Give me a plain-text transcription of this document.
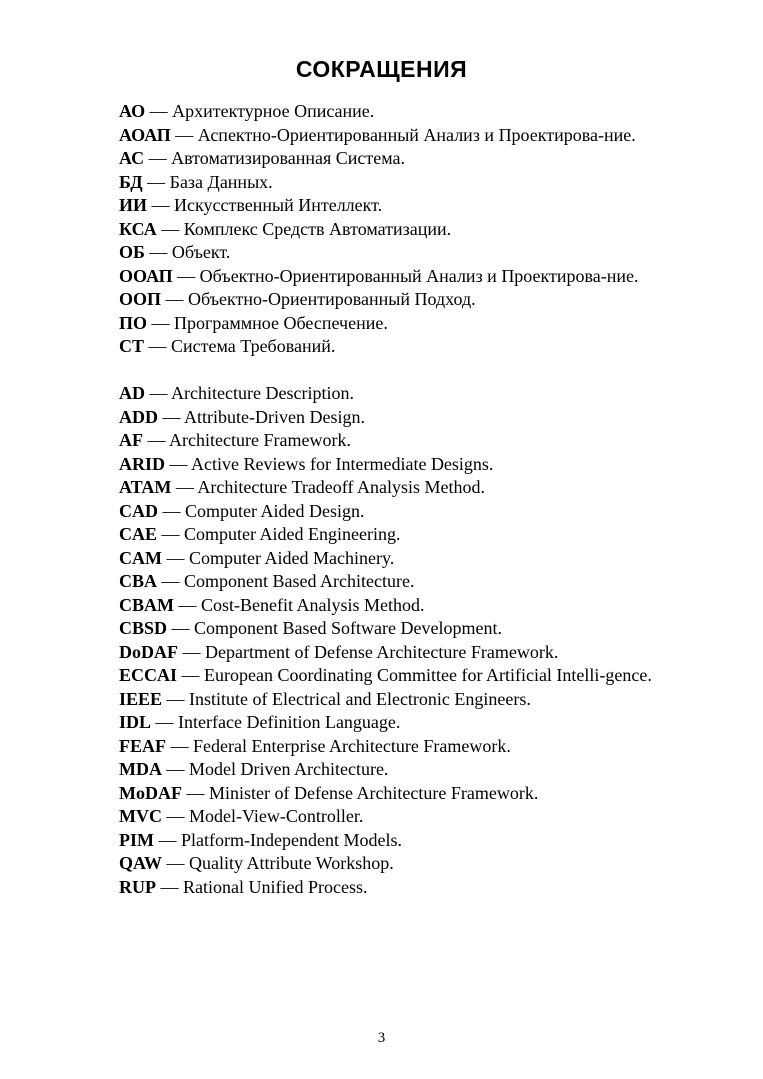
СОКРАЩЕНИЯ

АО — Архитектурное Описание.

АОАП — Аспектно-Ориентированный Анализ и Проектирова-ние.

АС — Автоматизированная Система.

БД — База Данных.

ИИ — Искусственный Интеллект.

КСА — Комплекс Средств Автоматизации.

ОБ — Объект.

ООАП — Объектно-Ориентированный Анализ и Проектирова-ние.

ООП — Объектно-Ориентированный Подход.

ПО — Программное Обеспечение.

СТ — Система Требований.

AD — Architecture Description.

ADD — Attribute-Driven Design.

AF — Architecture Framework.

ARID — Active Reviews for Intermediate Designs.

ATAM — Architecture Tradeoff Analysis Method.

CAD — Computer Aided Design.

CAE — Computer Aided Engineering.

CAM — Computer Aided Machinery.

CBA — Component Based Architecture.

CBAM — Cost-Benefit Analysis Method.

CBSD — Component Based Software Development.

DoDAF — Department of Defense Architecture Framework.

ECCAI — European Coordinating Committee for Artificial Intelli-gence.

IEEE — Institute of Electrical and Electronic Engineers.

IDL — Interface Definition Language.

FEAF — Federal Enterprise Architecture Framework.

MDA — Model Driven Architecture.

MoDAF — Minister of Defense Architecture Framework.

MVC — Model-View-Controller.

PIM — Platform-Independent Models.

QAW — Quality Attribute Workshop.

RUP — Rational Unified Process.

3
